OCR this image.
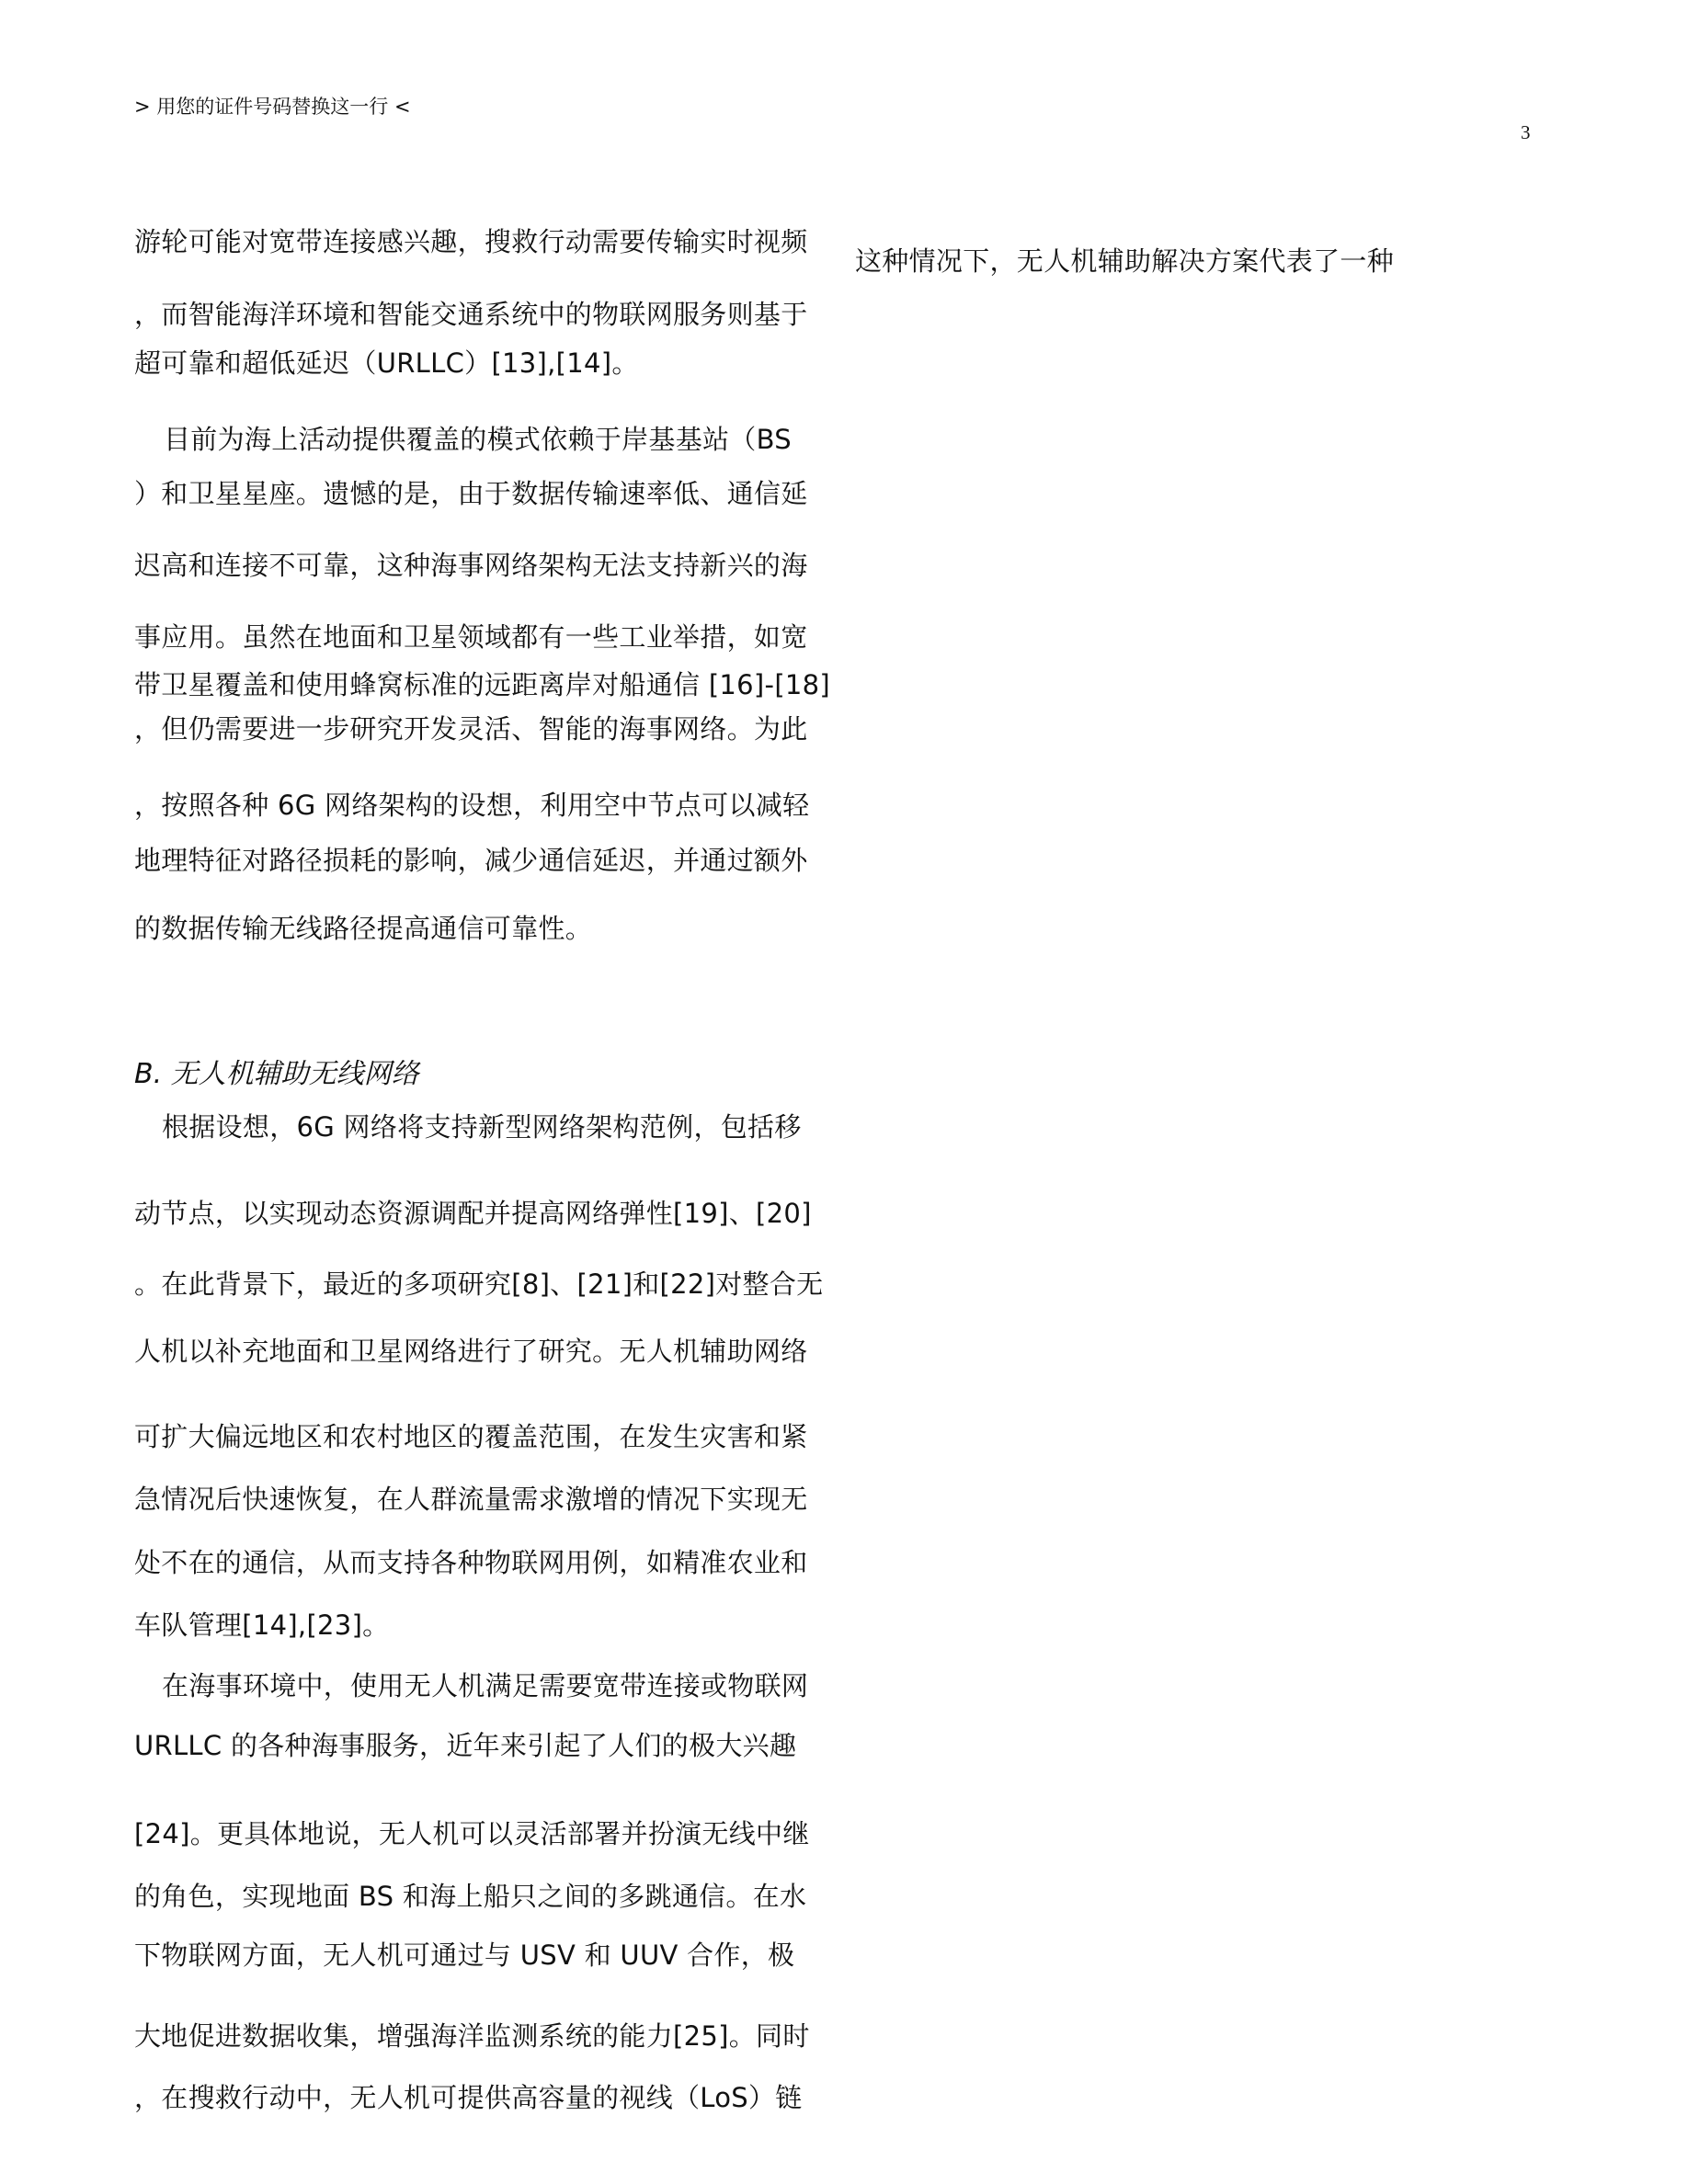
> 用您的证件号码替换这一行 <
3
游轮可能对宽带连接感兴趣，搜救行动需要传输实时视频
，而智能海洋环境和智能交通系统中的物联网服务则基于
超可靠和超低延迟（URLLC）[13],[14]。
目前为海上活动提供覆盖的模式依赖于岸基基站（BS
）和卫星星座。遗憾的是，由于数据传输速率低、通信延
迟高和连接不可靠，这种海事网络架构无法支持新兴的海
事应用。虽然在地面和卫星领域都有一些工业举措，如宽
带卫星覆盖和使用蜂窝标准的远距离岸对船通信 [16]-[18]
，但仍需要进一步研究开发灵活、智能的海事网络。为此
，按照各种 6G 网络架构的设想，利用空中节点可以减轻
地理特征对路径损耗的影响，减少通信延迟，并通过额外
的数据传输无线路径提高通信可靠性。
B. 无人机辅助无线网络
根据设想，6G 网络将支持新型网络架构范例，包括移
动节点，以实现动态资源调配并提高网络弹性[19]、[20]
。在此背景下，最近的多项研究[8]、[21]和[22]对整合无
人机以补充地面和卫星网络进行了研究。无人机辅助网络
可扩大偏远地区和农村地区的覆盖范围，在发生灾害和紧
急情况后快速恢复，在人群流量需求激增的情况下实现无
处不在的通信，从而支持各种物联网用例，如精准农业和
车队管理[14],[23]。
在海事环境中，使用无人机满足需要宽带连接或物联网
URLLC 的各种海事服务，近年来引起了人们的极大兴趣
[24]。更具体地说，无人机可以灵活部署并扮演无线中继
的角色，实现地面 BS 和海上船只之间的多跳通信。在水
下物联网方面，无人机可通过与 USV 和 UUV 合作，极
大地促进数据收集，增强海洋监测系统的能力[25]。同时
，在搜救行动中，无人机可提供高容量的视线（LoS）链
这种情况下，无人机辅助解决方案代表了一种
